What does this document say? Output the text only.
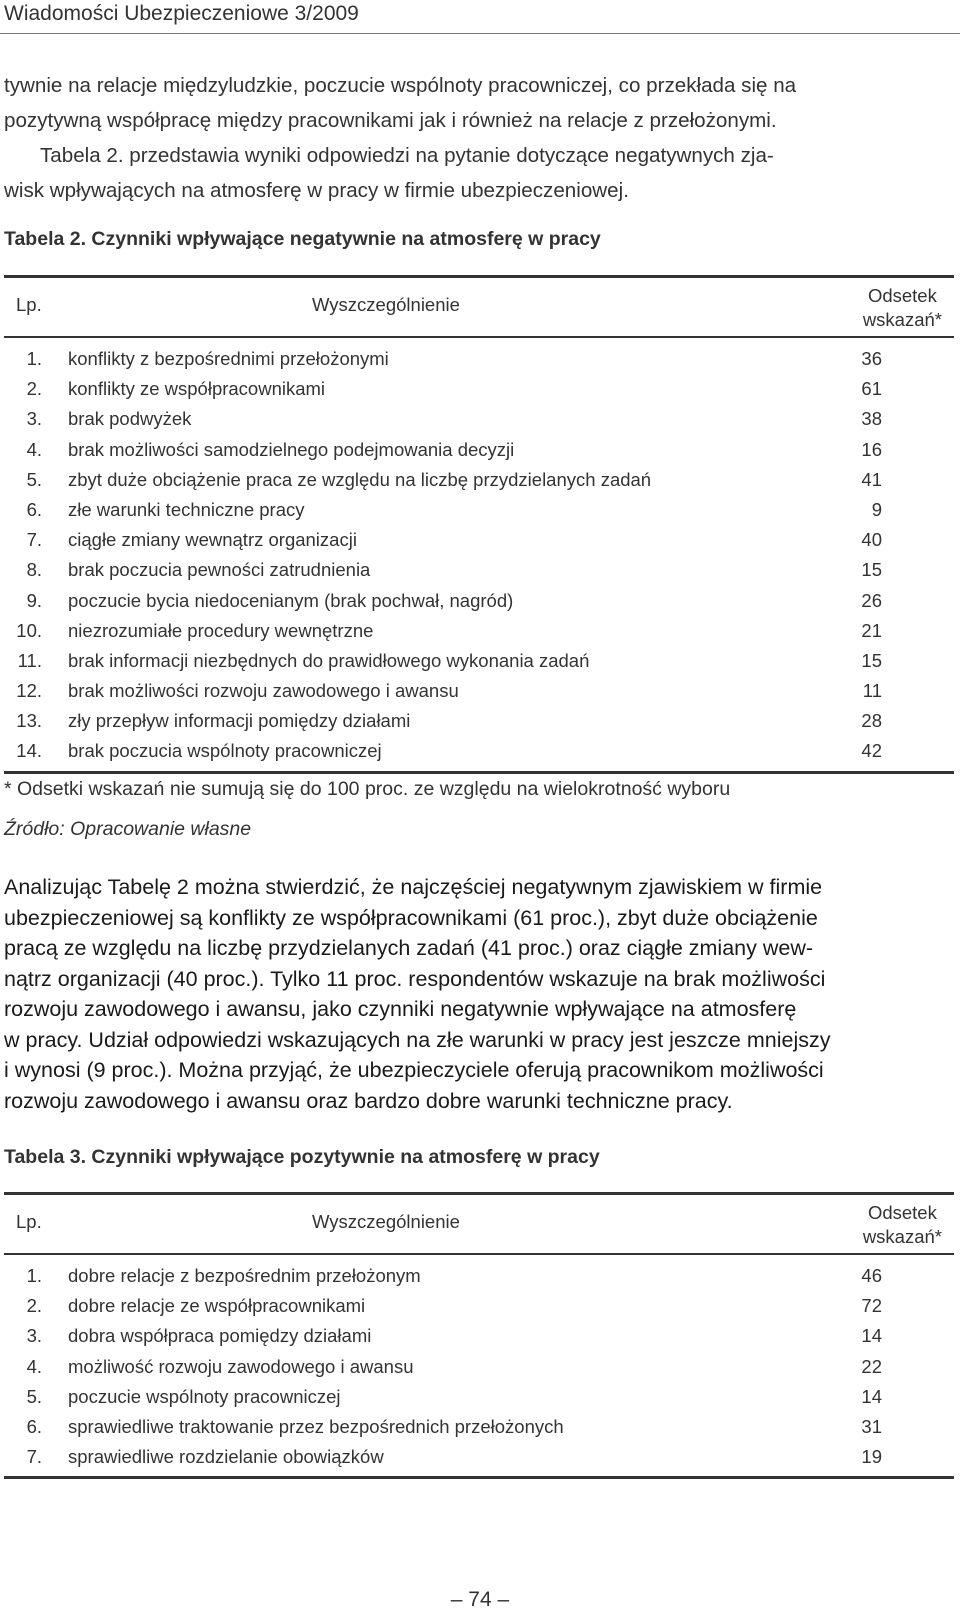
Wiadomości Ubezpieczeniowe 3/2009
tywnie na relacje międzyludzkie, poczucie wspólnoty pracowniczej, co przekłada się na
pozytywną współpracę między pracownikami jak i również na relacje z przełożonymi.
Tabela 2. przedstawia wyniki odpowiedzi na pytanie dotyczące negatywnych zja-
wisk wpływających na atmosferę w pracy w firmie ubezpieczeniowej.
Tabela 2. Czynniki wpływające negatywnie na atmosferę w pracy
Lp.	Wyszczególnienie	Odsetek
wskazań*
1. konflikty z bezpośrednimi przełożonymi	36
2. konflikty ze współpracownikami	61
3. brak podwyżek	38
4. brak możliwości samodzielnego podejmowania decyzji	16
5. zbyt duże obciążenie praca ze względu na liczbę przydzielanych zadań	41
6. złe warunki techniczne pracy	9
7. ciągłe zmiany wewnątrz organizacji	40
8. brak poczucia pewności zatrudnienia	15
9. poczucie bycia niedocenianym (brak pochwał, nagród)	26
10. niezrozumiałe procedury wewnętrzne	21
11. brak informacji niezbędnych do prawidłowego wykonania zadań	15
12. brak możliwości rozwoju zawodowego i awansu	11
13. zły przepływ informacji pomiędzy działami	28
14. brak poczucia wspólnoty pracowniczej	42
* Odsetki wskazań nie sumują się do 100 proc. ze względu na wielokrotność wyboru
Źródło: Opracowanie własne
Analizując Tabelę 2 można stwierdzić, że najczęściej negatywnym zjawiskiem w firmie
ubezpieczeniowej są konflikty ze współpracownikami (61 proc.), zbyt duże obciążenie
pracą ze względu na liczbę przydzielanych zadań (41 proc.) oraz ciągłe zmiany wew-
nątrz organizacji (40 proc.). Tylko 11 proc. respondentów wskazuje na brak możliwości
rozwoju zawodowego i awansu, jako czynniki negatywnie wpływające na atmosferę
w pracy. Udział odpowiedzi wskazujących na złe warunki w pracy jest jeszcze mniejszy
i wynosi (9 proc.). Można przyjąć, że ubezpieczyciele oferują pracownikom możliwości
rozwoju zawodowego i awansu oraz bardzo dobre warunki techniczne pracy.
Tabela 3. Czynniki wpływające pozytywnie na atmosferę w pracy
Lp.	Wyszczególnienie	Odsetek
wskazań*
1. dobre relacje z bezpośrednim przełożonym	46
2. dobre relacje ze współpracownikami	72
3. dobra współpraca pomiędzy działami	14
4. możliwość rozwoju zawodowego i awansu	22
5. poczucie wspólnoty pracowniczej	14
6. sprawiedliwe traktowanie przez bezpośrednich przełożonych	31
7. sprawiedliwe rozdzielanie obowiązków	19
– 74 –
